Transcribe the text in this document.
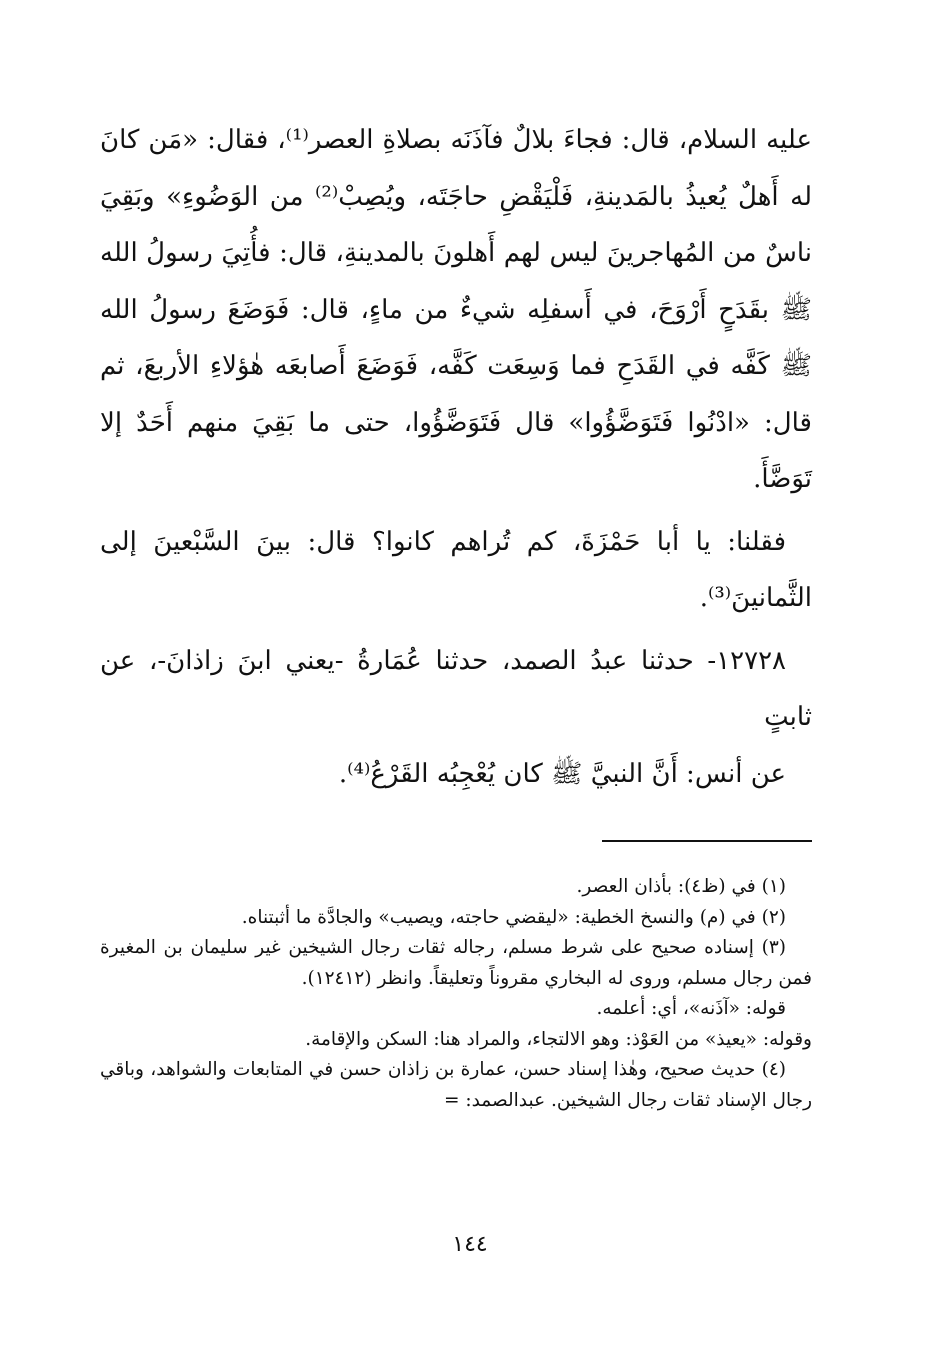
عليه السلام، قال: فجاءَ بلالٌ فآذَنَه بصلاةِ العصر⁽¹⁾، فقال: «مَن كانَ له أَهلٌ يُعيذُ بالمَدينةِ، فَلْيَقْضِ حاجَتَه، ويُصِبْ⁽²⁾ من الوَضُوءِ» وبَقِيَ ناسٌ من المُهاجرينَ ليس لهم أَهلونَ بالمدينةِ، قال: فأُتِيَ رسولُ الله ﷺ بقَدَحٍ أَرْوَحَ، في أَسفلِه شيءٌ من ماءٍ، قال: فَوَضَعَ رسولُ الله ﷺ كَفَّه في القَدَحِ فما وَسِعَت كَفَّه، فَوَضَعَ أَصابعَه هٰؤلاءِ الأربعَ، ثم قال: «ادْنُوا فَتَوَضَّؤُوا» قال فَتَوَضَّؤُوا، حتى ما بَقِيَ منهم أَحَدٌ إلا تَوَضَّأَ.

فقلنا: يا أبا حَمْزَةَ، كم تُراهم كانوا؟ قال: بينَ السَّبْعينَ إلى الثَّمانينَ⁽³⁾.

١٢٧٢٨- حدثنا عبدُ الصمد، حدثنا عُمَارةُ -يعني ابنَ زاذانَ-، عن ثابتٍ

عن أنس: أَنَّ النبيَّ ﷺ كان يُعْجِبُه القَرْعُ⁽⁴⁾.

(١) في (ظ٤): بأذان العصر.

(٢) في (م) والنسخ الخطية: «ليقضي حاجته، ويصيب» والجادَّة ما أثبتناه.

(٣) إسناده صحيح على شرط مسلم، رجاله ثقات رجال الشيخين غير سليمان بن المغيرة فمن رجال مسلم، وروى له البخاري مقروناً وتعليقاً. وانظر (١٢٤١٢).

قوله: «آذَنه»، أي: أعلمه.

وقوله: «يعيذ» من العَوْذ: وهو الالتجاء، والمراد هنا: السكن والإقامة.

(٤) حديث صحيح، وهٰذا إسناد حسن، عمارة بن زاذان حسن في المتابعات والشواهد، وباقي رجال الإسناد ثقات رجال الشيخين. عبدالصمد: =

١٤٤
